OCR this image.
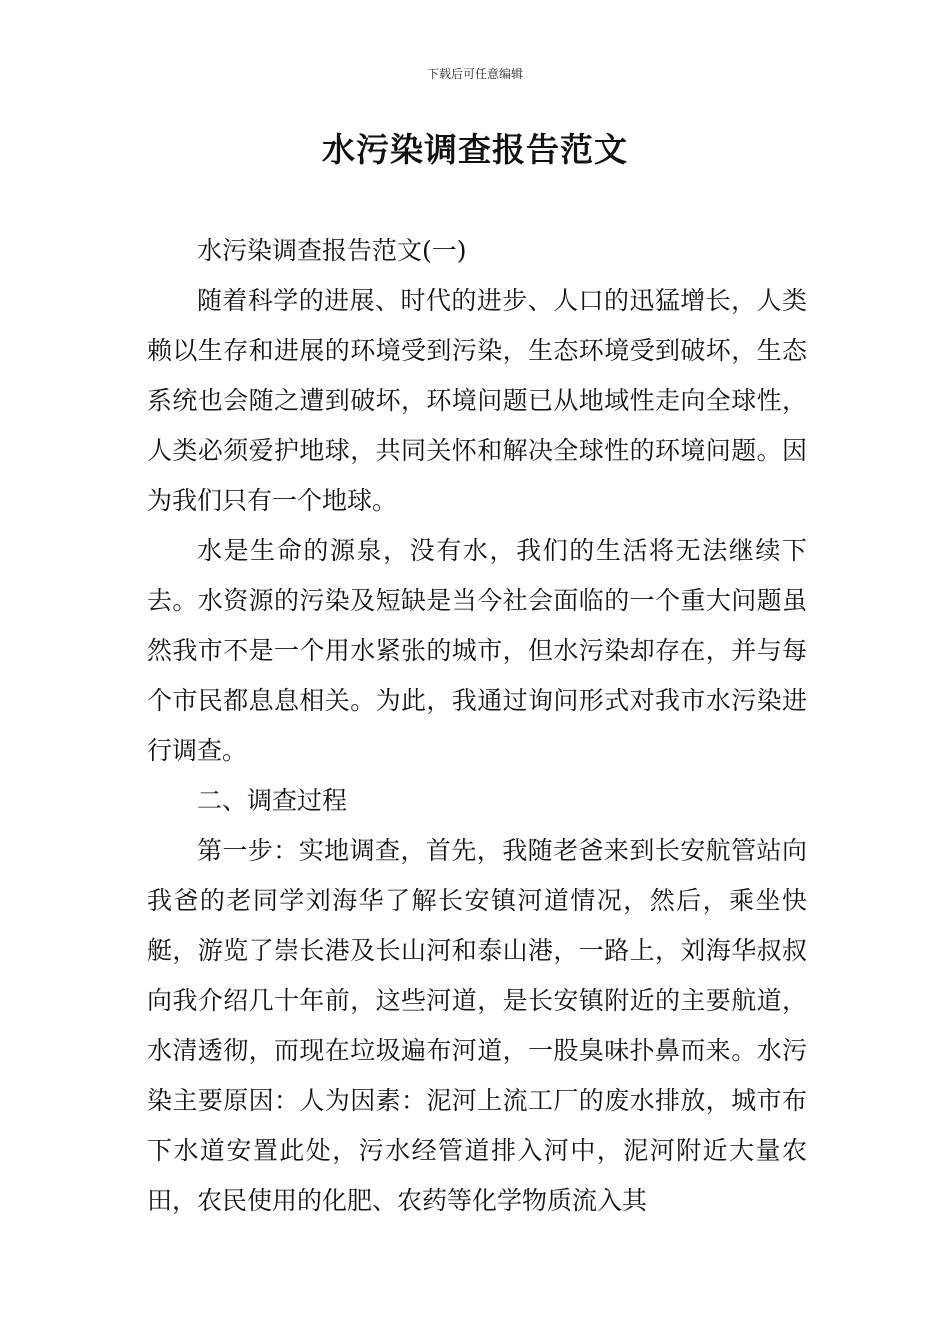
下载后可任意编辑
水污染调查报告范文

水污染调查报告范文(一)

随着科学的进展、时代的进步、人口的迅猛增长，人类赖以生存和进展的环境受到污染，生态环境受到破坏，生态系统也会随之遭到破坏，环境问题已从地域性走向全球性，人类必须爱护地球，共同关怀和解决全球性的环境问题。因为我们只有一个地球。

水是生命的源泉，没有水，我们的生活将无法继续下去。水资源的污染及短缺是当今社会面临的一个重大问题虽然我市不是一个用水紧张的城市，但水污染却存在，并与每个市民都息息相关。为此，我通过询问形式对我市水污染进行调查。

二、调查过程

第一步：实地调查，首先，我随老爸来到长安航管站向我爸的老同学刘海华了解长安镇河道情况，然后，乘坐快艇，游览了崇长港及长山河和泰山港，一路上，刘海华叔叔向我介绍几十年前，这些河道，是长安镇附近的主要航道，水清透彻，而现在垃圾遍布河道，一股臭味扑鼻而来。水污染主要原因：人为因素：泥河上流工厂的废水排放，城市布下水道安置此处，污水经管道排入河中，泥河附近大量农田，农民使用的化肥、农药等化学物质流入其
